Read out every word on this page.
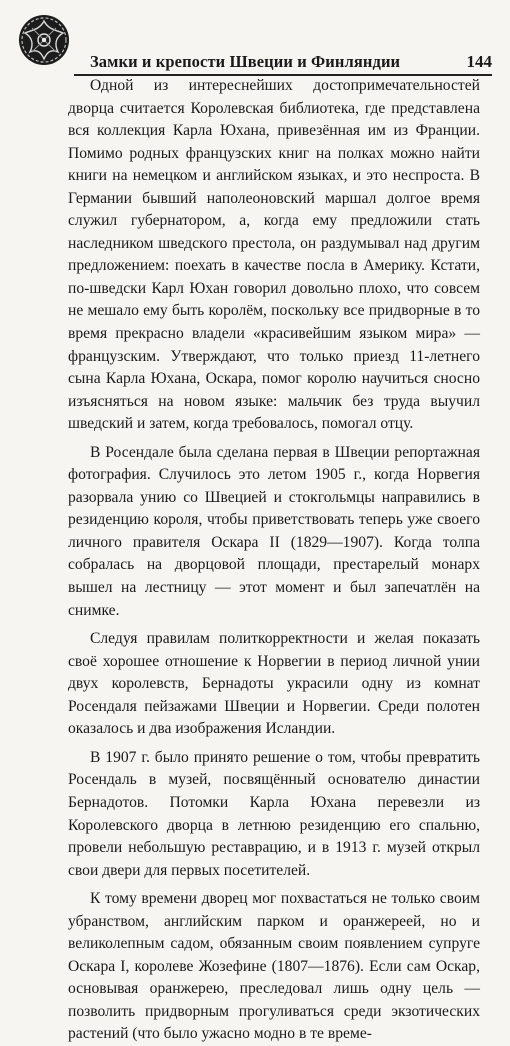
Замки и крепости Швеции и Финляндии	144

Одной из интереснейших достопримечательностей дворца считается Королевская библиотека, где представлена вся коллекция Карла Юхана, привезённая им из Франции. Помимо родных французских книг на полках можно найти книги на немецком и английском языках, и это неспроста. В Германии бывший наполеоновский маршал долгое время служил губернатором, а, когда ему предложили стать наследником шведского престола, он раздумывал над другим предложением: поехать в качестве посла в Америку. Кстати, по-шведски Карл Юхан говорил довольно плохо, что совсем не мешало ему быть королём, поскольку все придворные в то время прекрасно владели «красивейшим языком мира» — французским. Утверждают, что только приезд 11-летнего сына Карла Юхана, Оскара, помог королю научиться сносно изъясняться на новом языке: мальчик без труда выучил шведский и затем, когда требовалось, помогал отцу.

В Росендале была сделана первая в Швеции репортажная фотография. Случилось это летом 1905 г., когда Норвегия разорвала унию со Швецией и стокгольмцы направились в резиденцию короля, чтобы приветствовать теперь уже своего личного правителя Оскара II (1829—1907). Когда толпа собралась на дворцовой площади, престарелый монарх вышел на лестницу — этот момент и был запечатлён на снимке.

Следуя правилам политкорректности и желая показать своё хорошее отношение к Норвегии в период личной унии двух королевств, Бернадоты украсили одну из комнат Росендаля пейзажами Швеции и Норвегии. Среди полотен оказалось и два изображения Исландии.

В 1907 г. было принято решение о том, чтобы превратить Росендаль в музей, посвящённый основателю династии Бернадотов. Потомки Карла Юхана перевезли из Королевского дворца в летнюю резиденцию его спальню, провели небольшую реставрацию, и в 1913 г. музей открыл свои двери для первых посетителей.

К тому времени дворец мог похвастаться не только своим убранством, английским парком и оранжереей, но и великолепным садом, обязанным своим появлением супруге Оскара I, королеве Жозефине (1807—1876). Если сам Оскар, основывая оранжерею, преследовал лишь одну цель — позволить придворным прогуливаться среди экзотических растений (что было ужасно модно в те време-
